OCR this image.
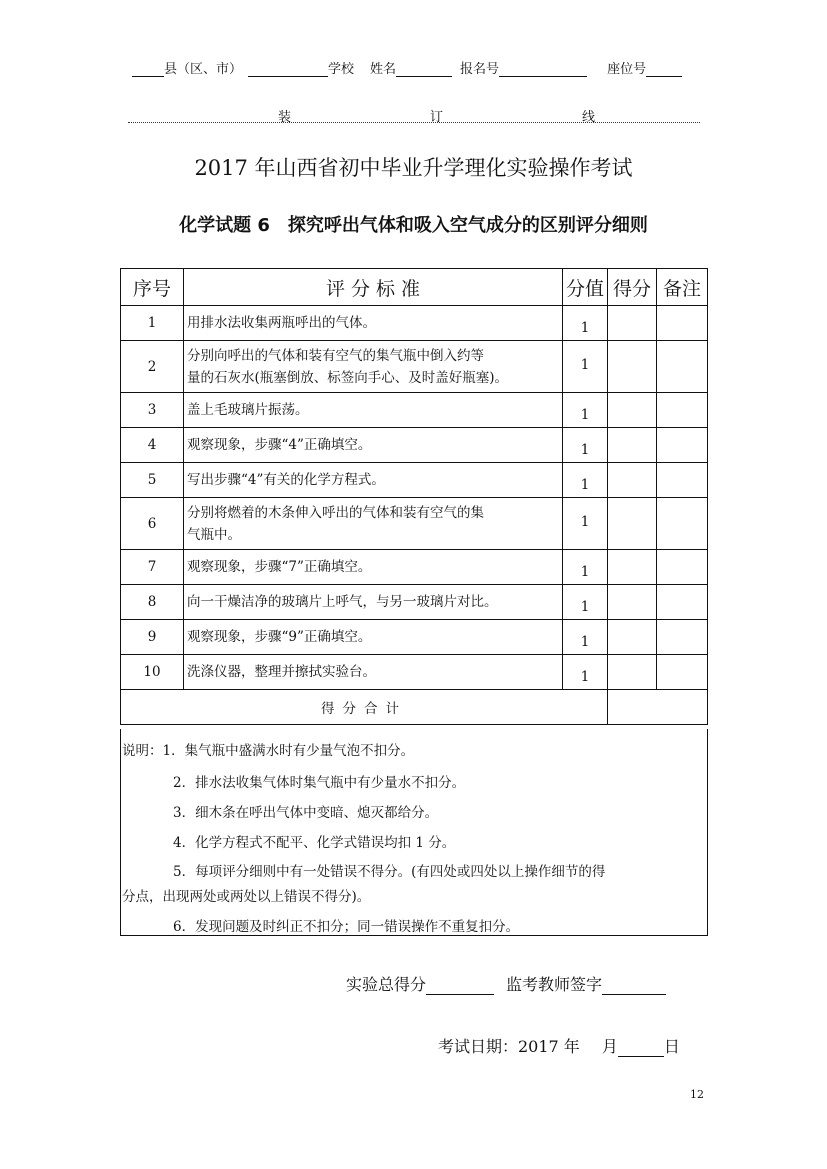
县（区、市）	学校 姓名	报名号	座位号
装	订	线
2017 年山西省初中毕业升学理化实验操作考试
化学试题 6　探究呼出气体和吸入空气成分的区别评分细则
序号	评 分 标 准	分值	得分	备注
1	用排水法收集两瓶呼出的气体。	1		
2	分别向呼出的气体和装有空气的集气瓶中倒入约等
量的石灰水(瓶塞倒放、标签向手心、及时盖好瓶塞)。	1		
3	盖上毛玻璃片振荡。	1		
4	观察现象，步骤“4”正确填空。	1		
5	写出步骤“4”有关的化学方程式。	1		
6	分别将燃着的木条伸入呼出的气体和装有空气的集
气瓶中。	1		
7	观察现象，步骤“7”正确填空。	1		
8	向一干燥洁净的玻璃片上呼气，与另一玻璃片对比。	1		
9	观察现象，步骤“9”正确填空。	1		
10	洗涤仪器，整理并擦拭实验台。	1		
得分合计				
说明：1．集气瓶中盛满水时有少量气泡不扣分。
2．排水法收集气体时集气瓶中有少量水不扣分。
3．细木条在呼出气体中变暗、熄灭都给分。
4．化学方程式不配平、化学式错误均扣 1 分。
5．每项评分细则中有一处错误不得分。(有四处或四处以上操作细节的得
分点，出现两处或两处以上错误不得分)。
6．发现问题及时纠正不扣分；同一错误操作不重复扣分。
实验总得分	监考教师签字
考试日期：2017 年 月	日
12
